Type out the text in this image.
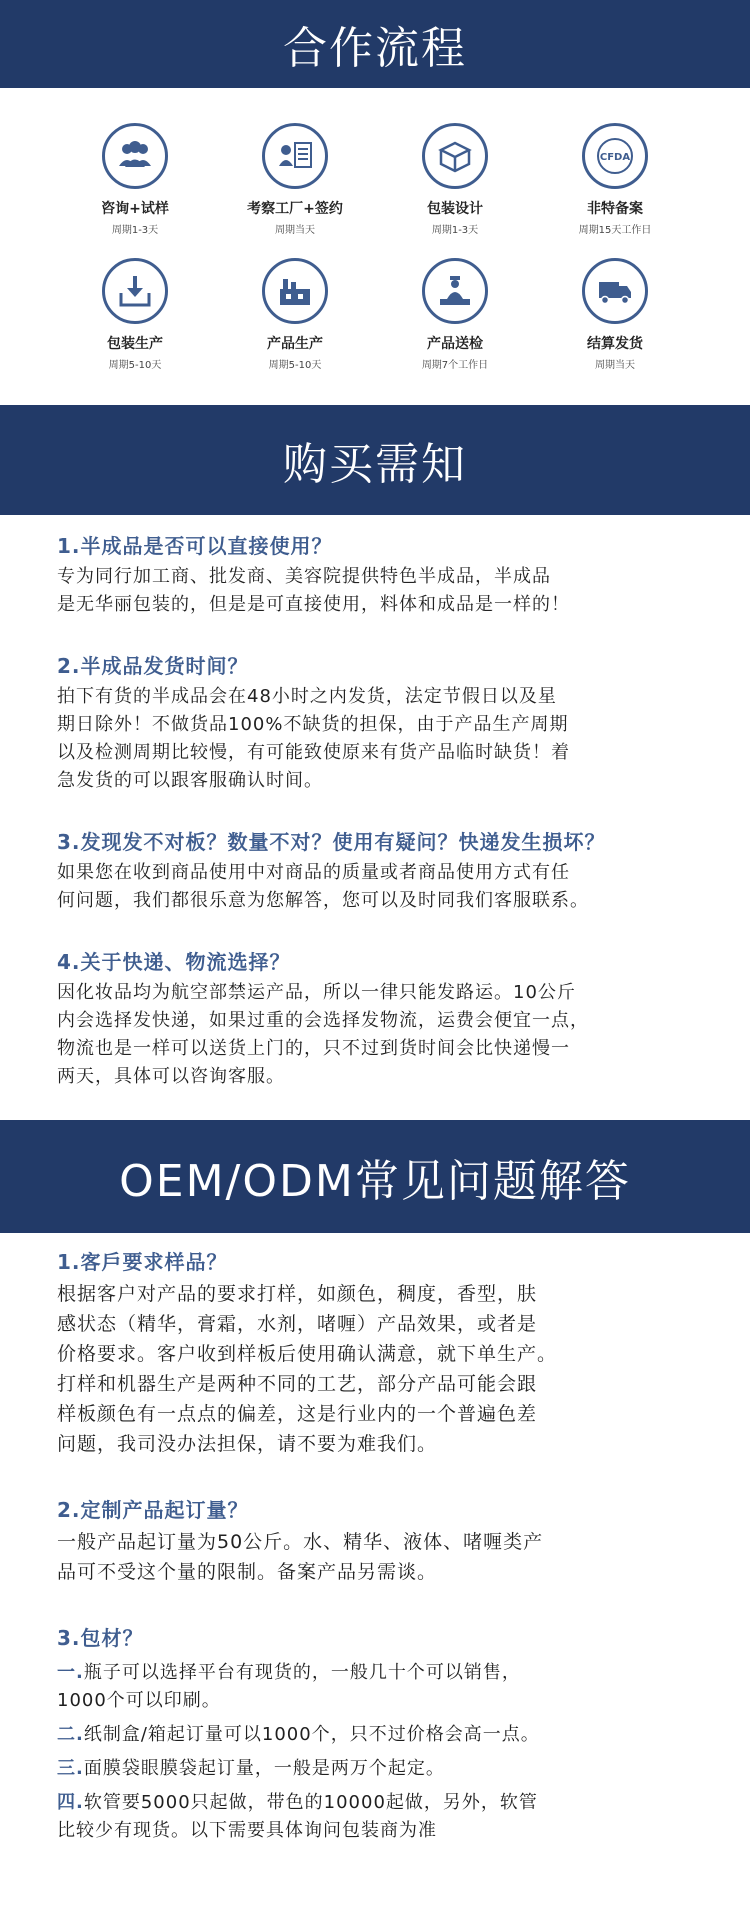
合作流程
咨询+试样
周期1-3天
考察工厂+签约
周期当天
包装设计
周期1-3天
CFDA
非特备案
周期15天工作日
包装生产
周期5-10天
产品生产
周期5-10天
产品送检
周期7个工作日
结算发货
周期当天
购买需知
1.半成品是否可以直接使用？
专为同行加工商、批发商、美容院提供特色半成品，半成品
是无华丽包装的，但是是可直接使用，料体和成品是一样的！
2.半成品发货时间？
拍下有货的半成品会在48小时之内发货，法定节假日以及星
期日除外！不做货品100%不缺货的担保，由于产品生产周期
以及检测周期比较慢，有可能致使原来有货产品临时缺货！着
急发货的可以跟客服确认时间。
3.发现发不对板？数量不对？使用有疑问？快递发生损坏？
如果您在收到商品使用中对商品的质量或者商品使用方式有任
何问题，我们都很乐意为您解答，您可以及时同我们客服联系。
4.关于快递、物流选择？
因化妆品均为航空部禁运产品，所以一律只能发路运。10公斤
内会选择发快递，如果过重的会选择发物流，运费会便宜一点，
物流也是一样可以送货上门的，只不过到货时间会比快递慢一
两天，具体可以咨询客服。
OEM/ODM常见问题解答
1.客戶要求样品？
根据客户对产品的要求打样，如颜色，稠度，香型，肤
感状态（精华，膏霜，水剂，啫喱）产品效果，或者是
价格要求。客户收到样板后使用确认满意，就下单生产。
打样和机器生产是两种不同的工艺，部分产品可能会跟
样板颜色有一点点的偏差，这是行业内的一个普遍色差
问题，我司没办法担保，请不要为难我们。
2.定制产品起订量？
一般产品起订量为50公斤。水、精华、液体、啫喱类产
品可不受这个量的限制。备案产品另需谈。
3.包材？
一.瓶子可以选择平台有现货的，一般几十个可以销售，
1000个可以印刷。
二.纸制盒/箱起订量可以1000个，只不过价格会高一点。
三.面膜袋眼膜袋起订量，一般是两万个起定。
四.软管要5000只起做，带色的10000起做，另外，软管
比较少有现货。以下需要具体询问包装商为准
